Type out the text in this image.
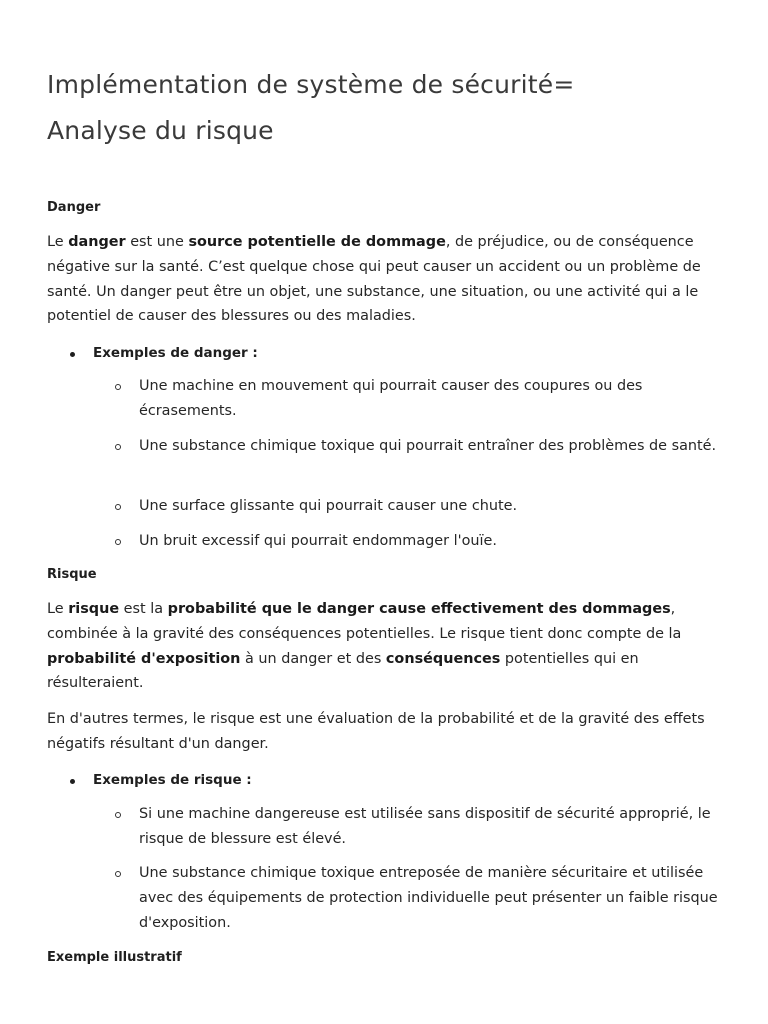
Implémentation de système de sécurité=
Analyse du risque
Danger

Le danger est une source potentielle de dommage, de préjudice, ou de conséquence négative sur la santé. C’est quelque chose qui peut causer un accident ou un problème de santé. Un danger peut être un objet, une substance, une situation, ou une activité qui a le potentiel de causer des blessures ou des maladies.

Exemples de danger :
Une machine en mouvement qui pourrait causer des coupures ou des écrasements.
Une substance chimique toxique qui pourrait entraîner des problèmes de santé.
Une surface glissante qui pourrait causer une chute.
Un bruit excessif qui pourrait endommager l'ouïe.
Risque

Le risque est la probabilité que le danger cause effectivement des dommages, combinée à la gravité des conséquences potentielles. Le risque tient donc compte de la probabilité d'exposition à un danger et des conséquences potentielles qui en résulteraient.

En d'autres termes, le risque est une évaluation de la probabilité et de la gravité des effets négatifs résultant d'un danger.

Exemples de risque :
Si une machine dangereuse est utilisée sans dispositif de sécurité approprié, le risque de blessure est élevé.
Une substance chimique toxique entreposée de manière sécuritaire et utilisée avec des équipements de protection individuelle peut présenter un faible risque d'exposition.
Exemple illustratif
